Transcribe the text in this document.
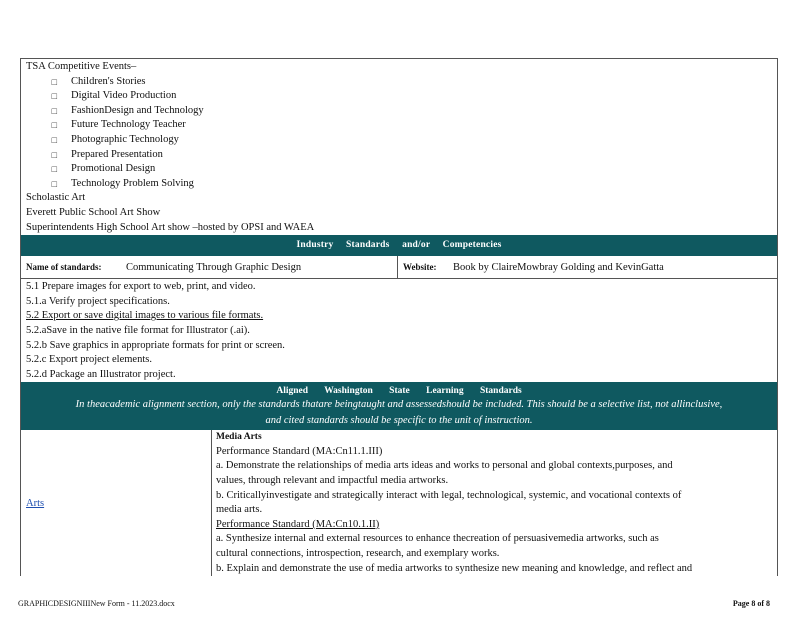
TSA Competitive Events–
□	Children's Stories
□	Digital Video Production
□	FashionDesign and Technology
□	Future Technology Teacher
□	Photographic Technology
□	Prepared Presentation
□	Promotional Design
□	Technology Problem Solving
Scholastic Art
Everett Public School Art Show
Superintendents High School Art show –hosted by OPSI and WAEA
Industry Standards and/or Competencies
Name of standards:	Communicating Through Graphic Design	Website:	Book by ClaireMowbray Golding and KevinGatta
5.1 Prepare images for export to web, print, and video.
5.1.a Verify project specifications.
5.2 Export or save digital images to various file formats.
5.2.aSave in the native file format for Illustrator (.ai).
5.2.b Save graphics in appropriate formats for print or screen.
5.2.c Export project elements.
5.2.d Package an Illustrator project.
Aligned Washington State Learning Standards
In theacademic alignment section, only the standards thatare beingtaught and assessedshould be included. This should be a selective list, not allinclusive,
and cited standards should be specific to the unit of instruction.
Arts
Media Arts
Performance Standard (MA:Cn11.1.III)
a. Demonstrate the relationships of media arts ideas and works to personal and global contexts,purposes, and
values, through relevant and impactful media artworks.
b. Criticallyinvestigate and strategically interact with legal, technological, systemic, and vocational contexts of
media arts.
Performance Standard (MA:Cn10.1.II)
a. Synthesize internal and external resources to enhance thecreation of persuasivemedia artworks, such as
cultural connections, introspection, research, and exemplary works.
b. Explain and demonstrate the use of media artworks to synthesize new meaning and knowledge, and reflect and
GRAPHICDESIGNIIINew Form - 11.2023.docx	Page 8 of 8
